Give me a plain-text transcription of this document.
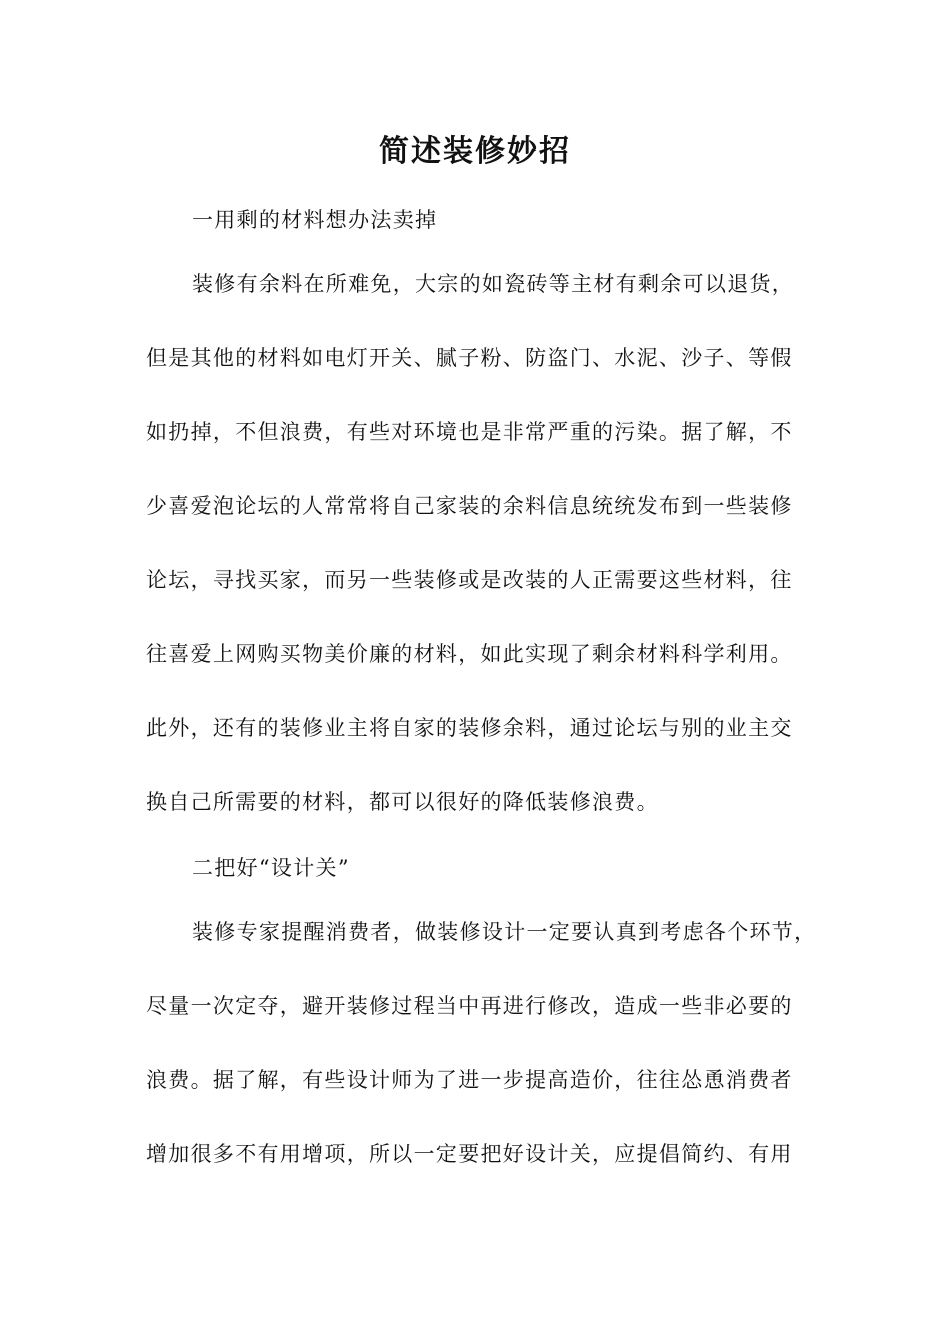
简述装修妙招

一用剩的材料想办法卖掉

装修有余料在所难免，大宗的如瓷砖等主材有剩余可以退货，

但是其他的材料如电灯开关、腻子粉、防盗门、水泥、沙子、等假

如扔掉，不但浪费，有些对环境也是非常严重的污染。据了解，不

少喜爱泡论坛的人常常将自己家装的余料信息统统发布到一些装修

论坛，寻找买家，而另一些装修或是改装的人正需要这些材料，往

往喜爱上网购买物美价廉的材料，如此实现了剩余材料科学利用。

此外，还有的装修业主将自家的装修余料，通过论坛与别的业主交

换自己所需要的材料，都可以很好的降低装修浪费。

二把好“设计关”

装修专家提醒消费者，做装修设计一定要认真到考虑各个环节，

尽量一次定夺，避开装修过程当中再进行修改，造成一些非必要的

浪费。据了解，有些设计师为了进一步提高造价，往往怂恿消费者

增加很多不有用增项，所以一定要把好设计关，应提倡简约、有用
